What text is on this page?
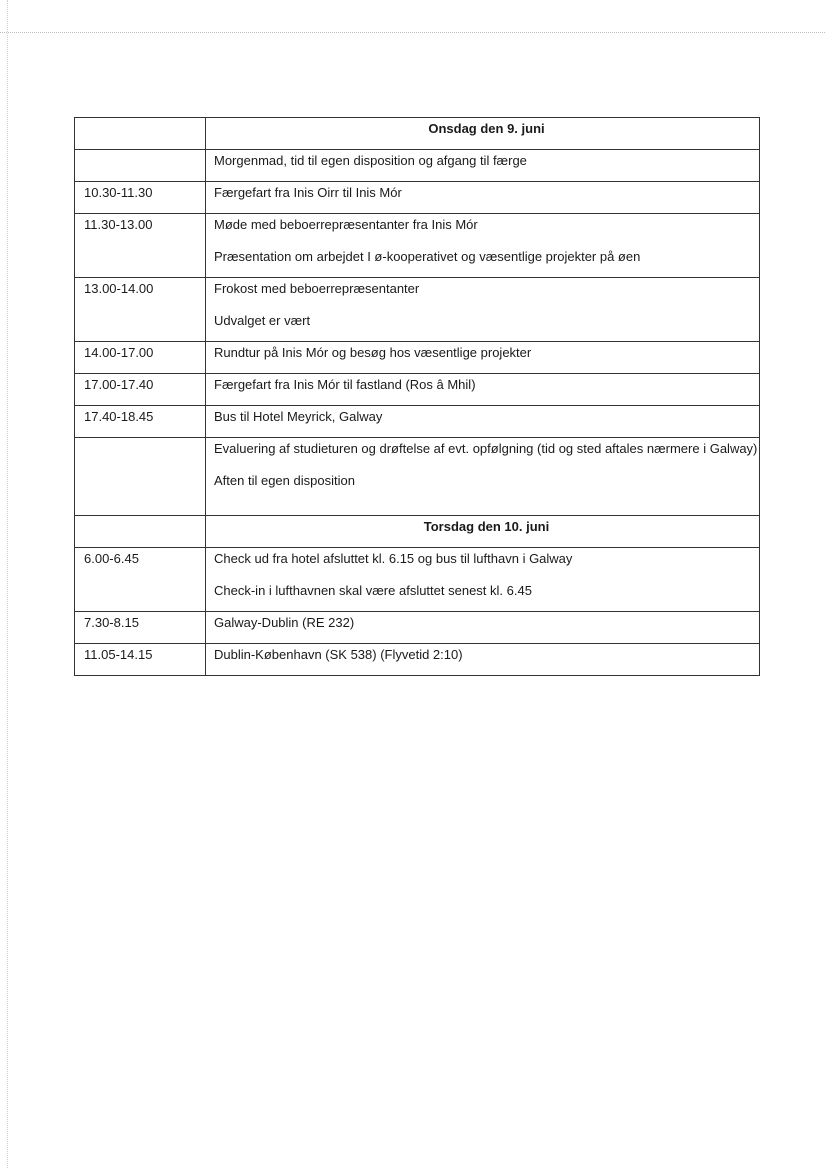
	Onsdag den 9. juni

	Morgenmad, tid til egen disposition og afgang til færge

10.30-11.30	Færgefart fra Inis Oirr til Inis Mór

11.30-13.00	Møde med beboerrepræsentanter fra Inis Mór
Præsentation om arbejdet I ø-kooperativet og væsentlige projekter på øen

13.00-14.00	Frokost med beboerrepræsentanter
Udvalget er vært

14.00-17.00	Rundtur på Inis Mór og besøg hos væsentlige projekter

17.00-17.40	Færgefart fra Inis Mór til fastland (Ros â Mhil)

17.40-18.45	Bus til Hotel Meyrick, Galway

	Evaluering af studieturen og drøftelse af evt. opfølgning (tid og sted aftales nærmere i Galway)
Aften til egen disposition

	Torsdag den 10. juni

6.00-6.45	Check ud fra hotel afsluttet kl. 6.15 og bus til lufthavn i Galway
Check-in i lufthavnen skal være afsluttet senest kl. 6.45

7.30-8.15	Galway-Dublin (RE 232)

11.05-14.15	Dublin-København (SK 538) (Flyvetid 2:10)
